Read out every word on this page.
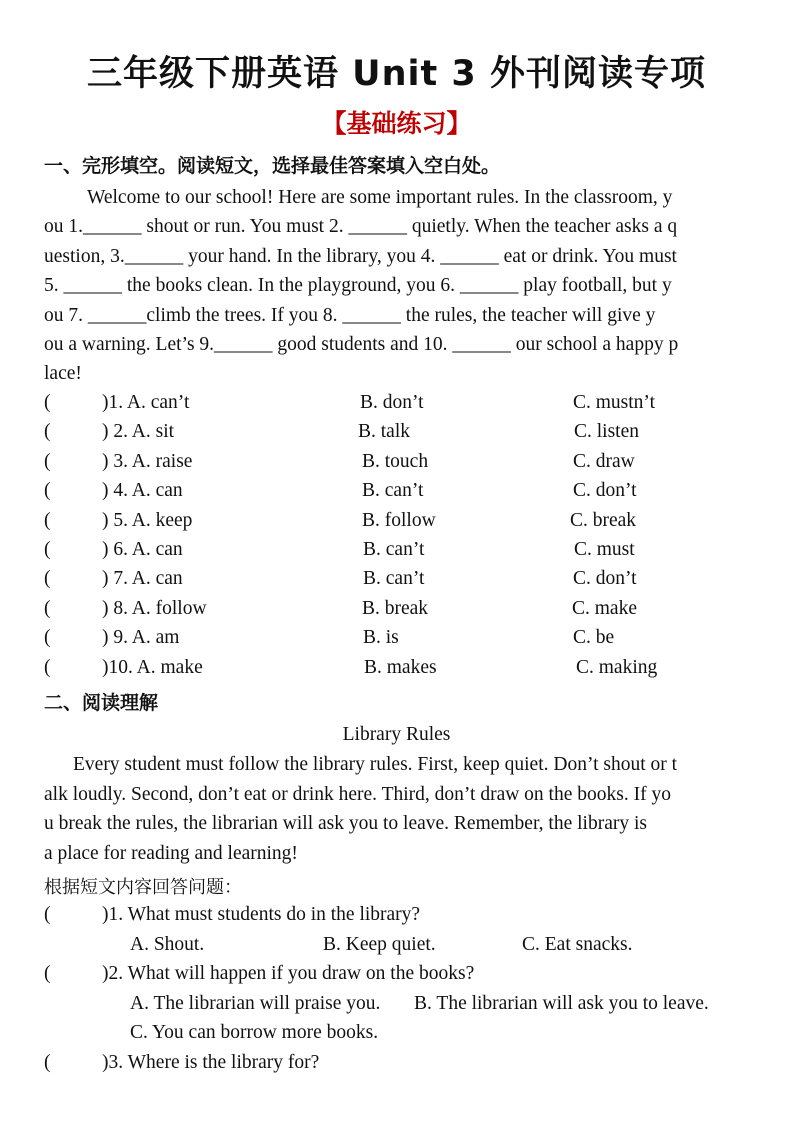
三年级下册英语 Unit 3 外刊阅读专项
【基础练习】
一、完形填空。阅读短文，选择最佳答案填入空白处。
Welcome to our school! Here are some important rules. In the classroom, y
ou 1.______ shout or run. You must 2. ______ quietly. When the teacher asks a q
uestion, 3.______ your hand. In the library, you 4. ______ eat or drink. You must
5. ______ the books clean. In the playground, you 6. ______ play football, but y
ou 7. ______climb the trees. If you 8. ______ the rules, the teacher will give y
ou a warning. Let’s 9.______ good students and 10. ______ our school a happy p
lace!
(	)1. A. can’t	B. don’t	C. mustn’t
(	) 2. A. sit	B. talk	C. listen
(	) 3. A. raise	B. touch	C. draw
(	) 4. A. can	B. can’t	C. don’t
(	) 5. A. keep	B. follow	C. break
(	) 6. A. can	B. can’t	C. must
(	) 7. A. can	B. can’t	C. don’t
(	) 8. A. follow	B. break	C. make
(	) 9. A. am	B. is	C. be
(	)10. A. make	B. makes	C. making
二、阅读理解
Library Rules
Every student must follow the library rules. First, keep quiet. Don’t shout or t
alk loudly. Second, don’t eat or drink here. Third, don’t draw on the books. If yo
u break the rules, the librarian will ask you to leave. Remember, the library is
a place for reading and learning!
根据短文内容回答问题：
(	)1. What must students do in the library?
A. Shout.	B. Keep quiet.	C. Eat snacks.
(	)2. What will happen if you draw on the books?
A. The librarian will praise you. B. The librarian will ask you to leave.
C. You can borrow more books.
(	)3. Where is the library for?
